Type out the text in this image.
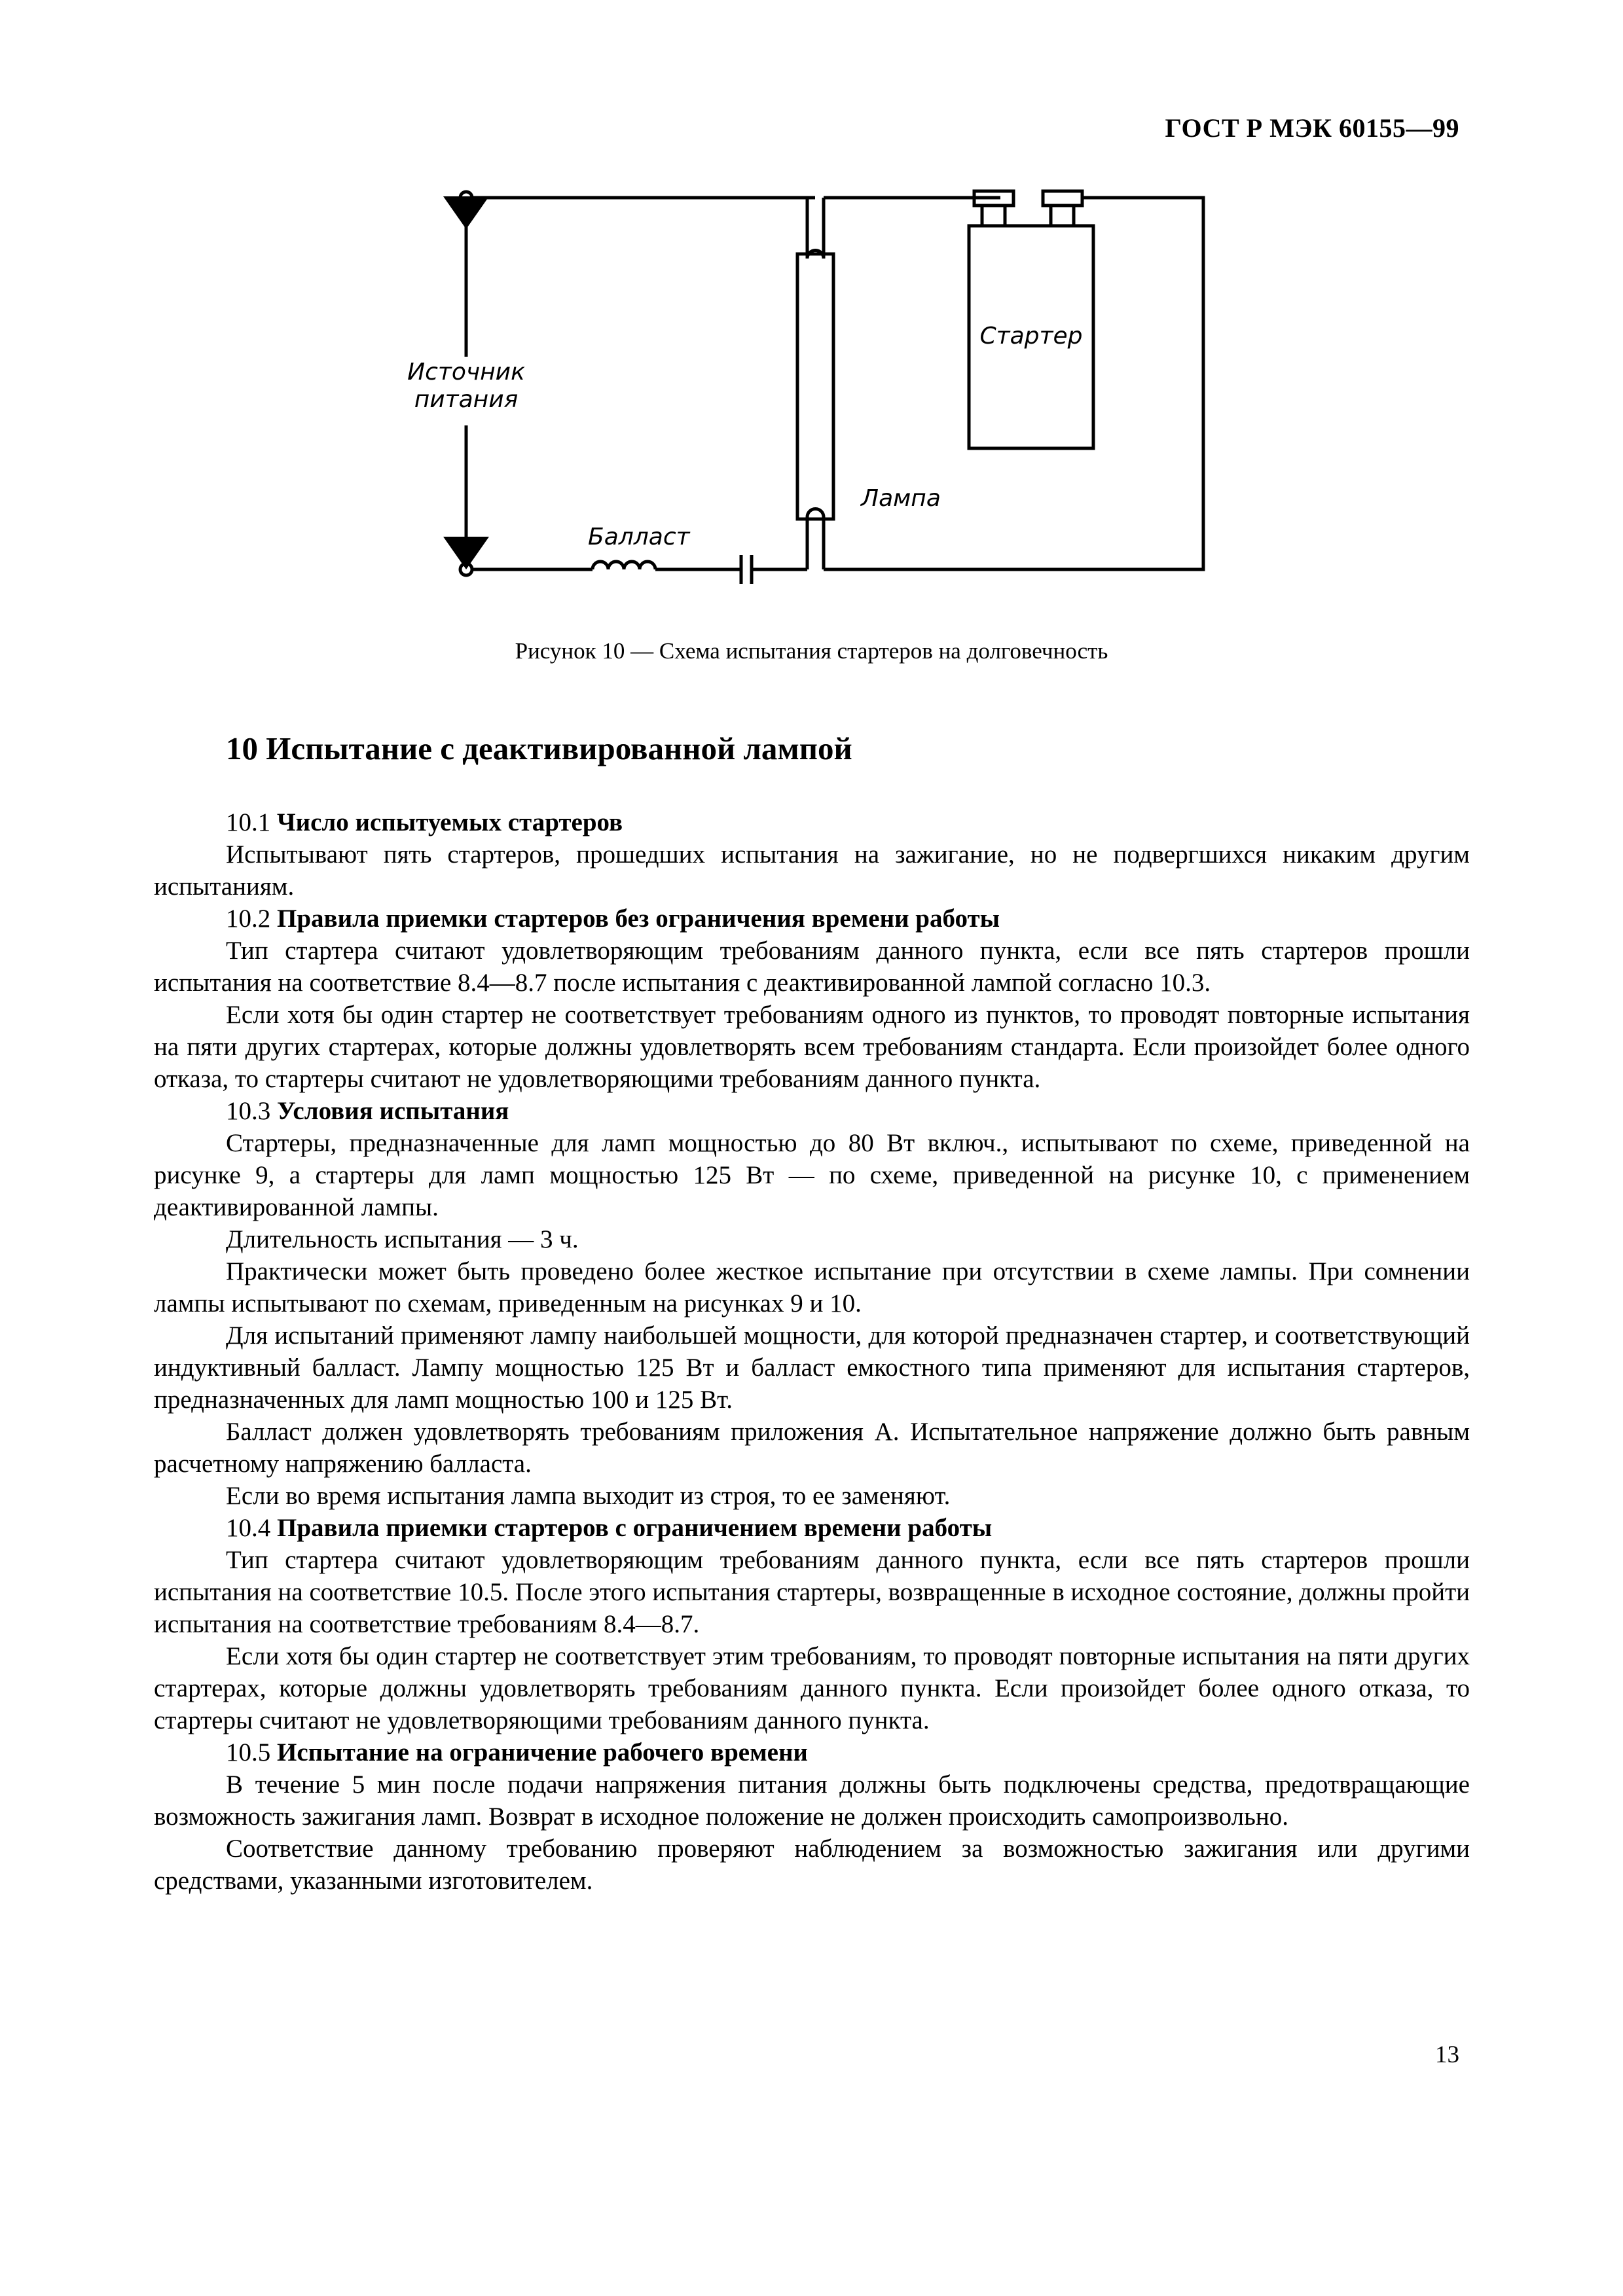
ГОСТ Р МЭК 60155—99
Источник
питания
Стартер
Лампа
Балласт
Рисунок 10 — Схема испытания стартеров на долговечность
10 Испытание с деактивированной лампой

10.1 Число испытуемых стартеров

Испытывают пять стартеров, прошедших испытания на зажигание, но не подвергшихся никаким другим испытаниям.

10.2 Правила приемки стартеров без ограничения времени работы

Тип стартера считают удовлетворяющим требованиям данного пункта, если все пять стартеров прошли испытания на соответствие 8.4—8.7 после испытания с деактивированной лампой согласно 10.3.

Если хотя бы один стартер не соответствует требованиям одного из пунктов, то проводят повторные испытания на пяти других стартерах, которые должны удовлетворять всем требованиям стандарта. Если произойдет более одного отказа, то стартеры считают не удовлетворяющими требованиям данного пункта.

10.3 Условия испытания

Стартеры, предназначенные для ламп мощностью до 80 Вт включ., испытывают по схеме, приведенной на рисунке 9, а стартеры для ламп мощностью 125 Вт — по схеме, приведенной на рисунке 10, с применением деактивированной лампы.

Длительность испытания — 3 ч.

Практически может быть проведено более жесткое испытание при отсутствии в схеме лампы. При сомнении лампы испытывают по схемам, приведенным на рисунках 9 и 10.

Для испытаний применяют лампу наибольшей мощности, для которой предназначен стартер, и соответствующий индуктивный балласт. Лампу мощностью 125 Вт и балласт емкостного типа применяют для испытания стартеров, предназначенных для ламп мощностью 100 и 125 Вт.

Балласт должен удовлетворять требованиям приложения А. Испытательное напряжение должно быть равным расчетному напряжению балласта.

Если во время испытания лампа выходит из строя, то ее заменяют.

10.4 Правила приемки стартеров с ограничением времени работы

Тип стартера считают удовлетворяющим требованиям данного пункта, если все пять стартеров прошли испытания на соответствие 10.5. После этого испытания стартеры, возвращенные в исходное состояние, должны пройти испытания на соответствие требованиям 8.4—8.7.

Если хотя бы один стартер не соответствует этим требованиям, то проводят повторные испытания на пяти других стартерах, которые должны удовлетворять требованиям данного пункта. Если произойдет более одного отказа, то стартеры считают не удовлетворяющими требованиям данного пункта.

10.5 Испытание на ограничение рабочего времени

В течение 5 мин после подачи напряжения питания должны быть подключены средства, предотвращающие возможность зажигания ламп. Возврат в исходное положение не должен происходить самопроизвольно.

Соответствие данному требованию проверяют наблюдением за возможностью зажигания или другими средствами, указанными изготовителем.

13
